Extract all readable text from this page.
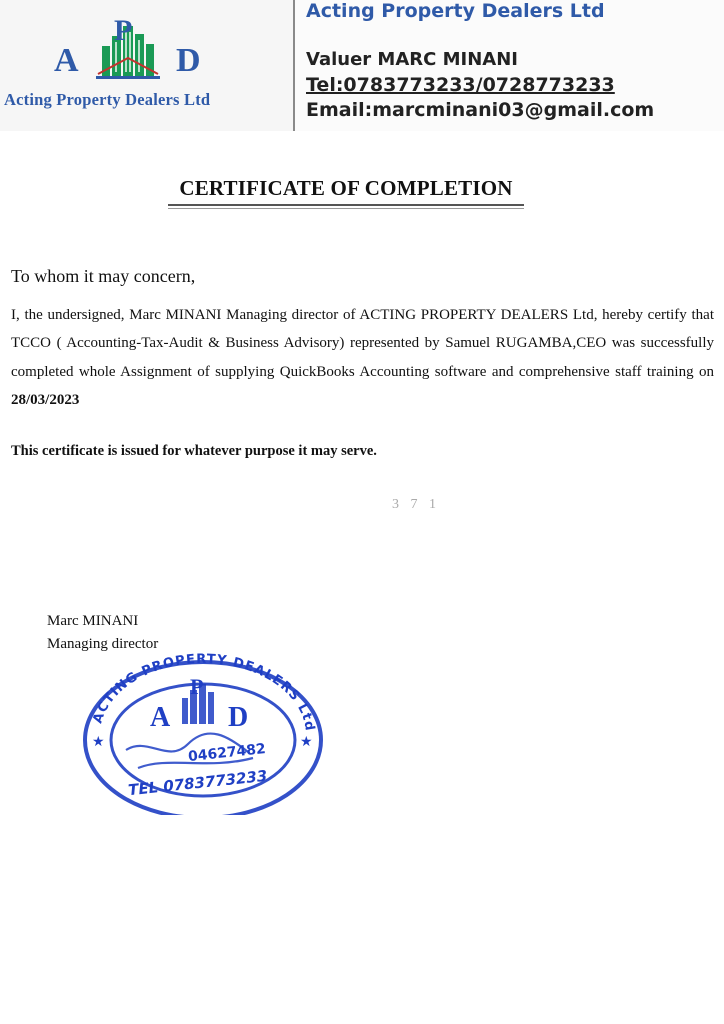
A
P
D
Acting Property Dealers Ltd
Acting Property Dealers Ltd
Valuer MARC MINANI
Tel:0783773233/0728773233
Email:marcminani03@gmail.com
CERTIFICATE OF COMPLETION
To whom it may concern,
I, the undersigned, Marc MINANI Managing director of ACTING PROPERTY DEALERS Ltd, hereby certify that TCCO ( Accounting-Tax-Audit & Business Advisory) represented by Samuel RUGAMBA,CEO was successfully completed whole Assignment of supplying QuickBooks Accounting software and comprehensive staff training on 28/03/2023
This certificate is issued for whatever purpose it may serve.
3 7 1
Marc MINANI
Managing director
ACTING PROPERTY DEALERS Ltd
★	★
A
P
D
04627482
TEL 0783773233
